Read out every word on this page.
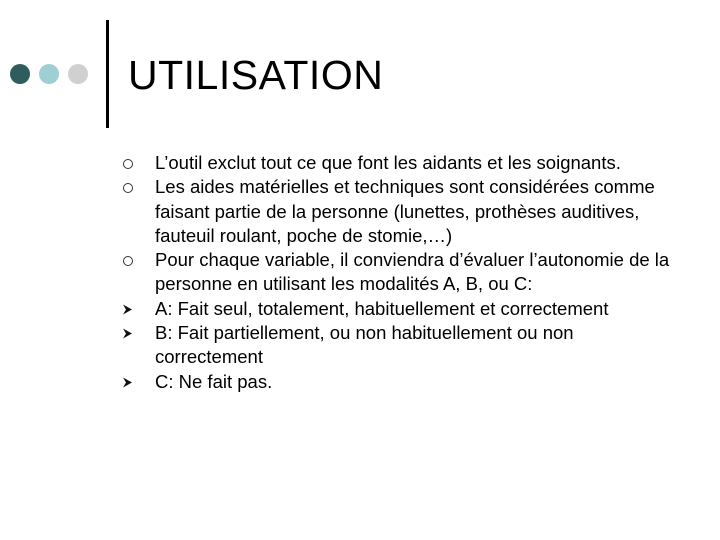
UTILISATION
L’outil exclut tout ce que font les aidants et les soignants.
Les aides matérielles et techniques sont considérées comme faisant partie de la personne (lunettes, prothèses auditives, fauteuil roulant, poche de stomie,…)
Pour chaque variable, il conviendra d’évaluer l’autonomie de la personne en utilisant les modalités A, B, ou C:
A: Fait seul, totalement, habituellement et correctement
B: Fait partiellement, ou non habituellement ou non correctement
C: Ne fait pas.
